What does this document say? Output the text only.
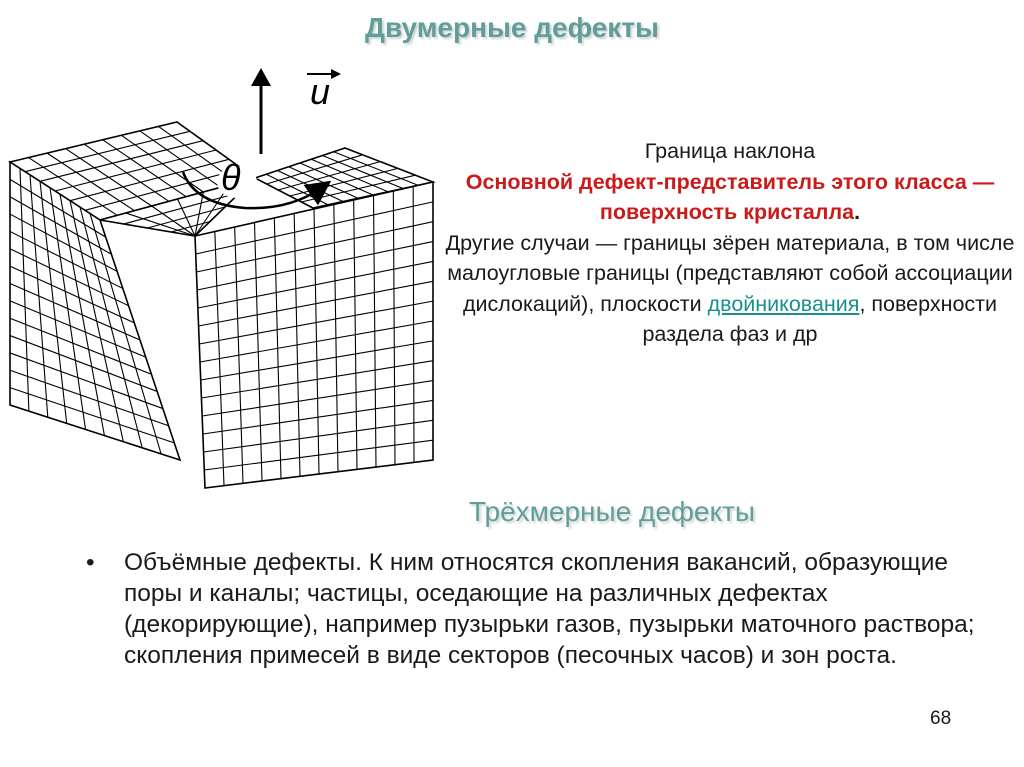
Двумерные дефекты
u
θ
Граница наклона
Основной дефект-представитель этого класса — поверхность кристалла.
Другие случаи — границы зёрен материала, в том числе малоугловые границы (представляют собой ассоциации дислокаций), плоскости двойникования, поверхности раздела фаз и др
Трёхмерные дефекты
• Объёмные дефекты. К ним относятся скопления вакансий, образующие поры и каналы; частицы, оседающие на различных дефектах (декорирующие), например пузырьки газов, пузырьки маточного раствора; скопления примесей в виде секторов (песочных часов) и зон роста.
68
